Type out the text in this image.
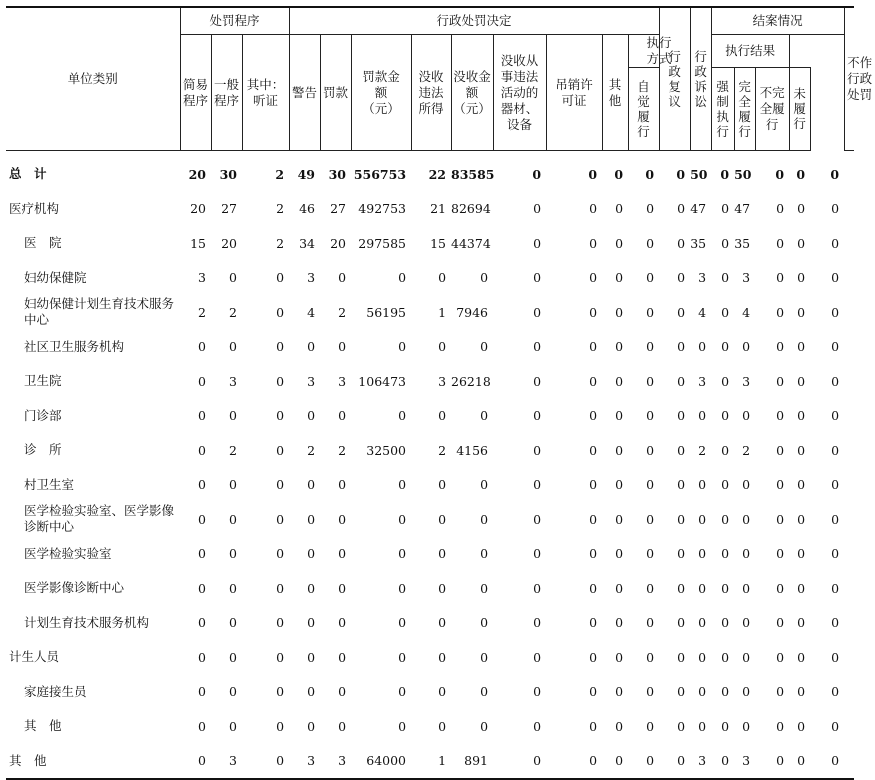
单位类别	处罚程序			行政处罚决定									行政复议	行政诉讼	结案情况					不作行政处罚
	简易程序	一般程序	其中：听证	警告	罚款	罚款金额（元）	没收违法所得	没收金额（元）	没收从事违法活动的器材、设备	吊销许可证	其他	执行方式			执行结果					
												自觉履行			强制执行	完全履行	不完全履行	未履行		
总　计	20	30	2	49	30	556753	22	83585	0	0	0	0	0	50	0	50	0	0	0	
医疗机构	20	27	2	46	27	492753	21	82694	0	0	0	0	0	47	0	47	0	0	0	
医　院	15	20	2	34	20	297585	15	44374	0	0	0	0	0	35	0	35	0	0	0	
妇幼保健院	3	0	0	3	0	0	0	0	0	0	0	0	0	3	0	3	0	0	0	
妇幼保健计划生育技术服务中心	2	2	0	4	2	56195	1	7946	0	0	0	0	0	4	0	4	0	0	0	
社区卫生服务机构	0	0	0	0	0	0	0	0	0	0	0	0	0	0	0	0	0	0	0	
卫生院	0	3	0	3	3	106473	3	26218	0	0	0	0	0	3	0	3	0	0	0	
门诊部	0	0	0	0	0	0	0	0	0	0	0	0	0	0	0	0	0	0	0	
诊　所	0	2	0	2	2	32500	2	4156	0	0	0	0	0	2	0	2	0	0	0	
村卫生室	0	0	0	0	0	0	0	0	0	0	0	0	0	0	0	0	0	0	0	
医学检验实验室、医学影像诊断中心	0	0	0	0	0	0	0	0	0	0	0	0	0	0	0	0	0	0	0	
医学检验实验室	0	0	0	0	0	0	0	0	0	0	0	0	0	0	0	0	0	0	0	
医学影像诊断中心	0	0	0	0	0	0	0	0	0	0	0	0	0	0	0	0	0	0	0	
计划生育技术服务机构	0	0	0	0	0	0	0	0	0	0	0	0	0	0	0	0	0	0	0	
计生人员	0	0	0	0	0	0	0	0	0	0	0	0	0	0	0	0	0	0	0	
家庭接生员	0	0	0	0	0	0	0	0	0	0	0	0	0	0	0	0	0	0	0	
其　他	0	0	0	0	0	0	0	0	0	0	0	0	0	0	0	0	0	0	0	
其　他	0	3	0	3	3	64000	1	891	0	0	0	0	0	3	0	3	0	0	0	
